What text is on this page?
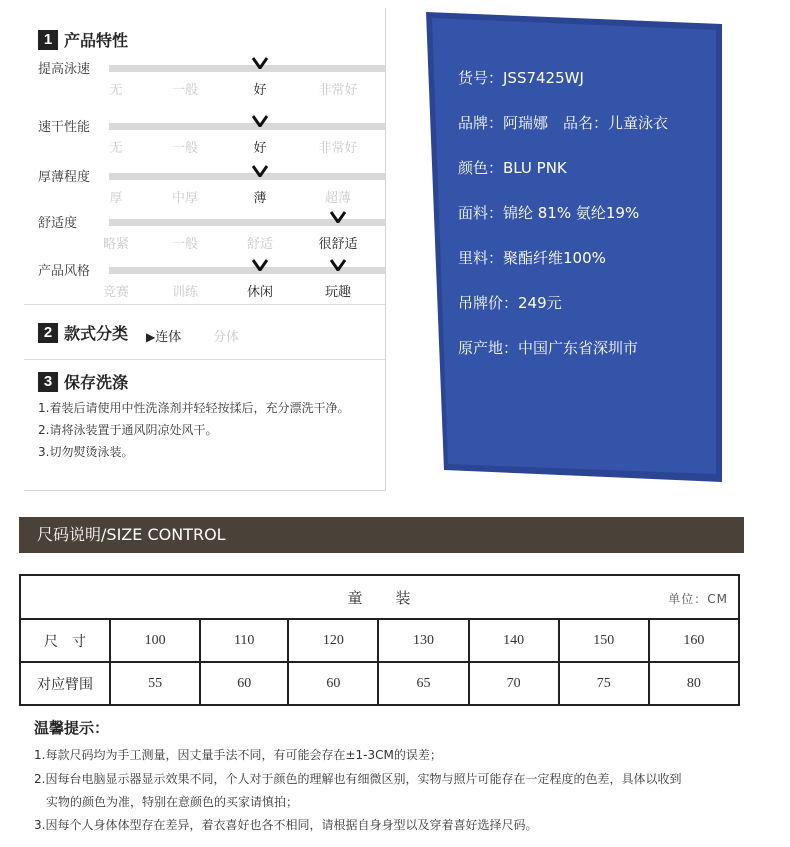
1 产品特性
提高泳速
无	一般	好	非常好
速干性能
无	一般	好	非常好
厚薄程度
厚	中厚	薄	超薄
舒适度
略紧	一般	舒适	很舒适
产品风格
竞赛	训练	休闲	玩趣
2 款式分类 ▶连体 分体
3 保存洗涤
1.着装后请使用中性洗涤剂并轻轻按揉后，充分漂洗干净。
2.请将泳装置于通风阴凉处风干。
3.切勿熨烫泳装。
货号：JSS7425WJ
品牌：阿瑞娜　品名：儿童泳衣
颜色：BLU PNK
面料：锦纶 81% 氨纶19%
里料：聚酯纤维100%
吊牌价：249元
原产地：中国广东省深圳市
尺码说明/SIZE CONTROL
童　　装 单位：CM							

尺　寸	100	110	120	130	140	150	160
对应臂围	55	60	60	65	70	75	80
温馨提示：
1.每款尺码均为手工测量，因丈量手法不同，有可能会存在±1-3CM的误差；
2.因每台电脑显示器显示效果不同，个人对于颜色的理解也有细微区别，实物与照片可能存在一定程度的色差，具体以收到
实物的颜色为准，特别在意颜色的买家请慎拍；
3.因每个人身体体型存在差异，着衣喜好也各不相同，请根据自身身型以及穿着喜好选择尺码。
